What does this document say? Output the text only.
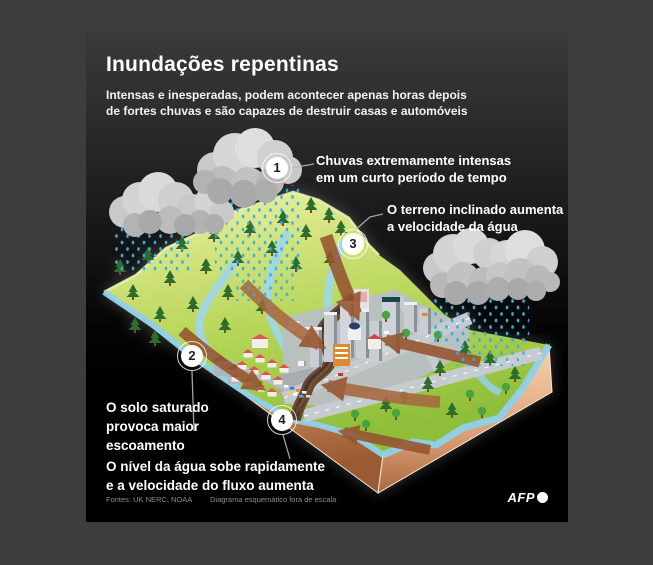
Inundações repentinas
Intensas e inesperadas, podem acontecer apenas horas depois
de fortes chuvas e são capazes de destruir casas e automóveis
1
2
3
4
Chuvas extremamente intensas
em um curto período de tempo
O terreno inclinado aumenta
a velocidade da água
O solo saturado
provoca maior
escoamento
O nível da água sobe rapidamente
e a velocidade do fluxo aumenta
Fontes: UK NERC, NOAA Diagrama esquemático fora de escala	AFP
